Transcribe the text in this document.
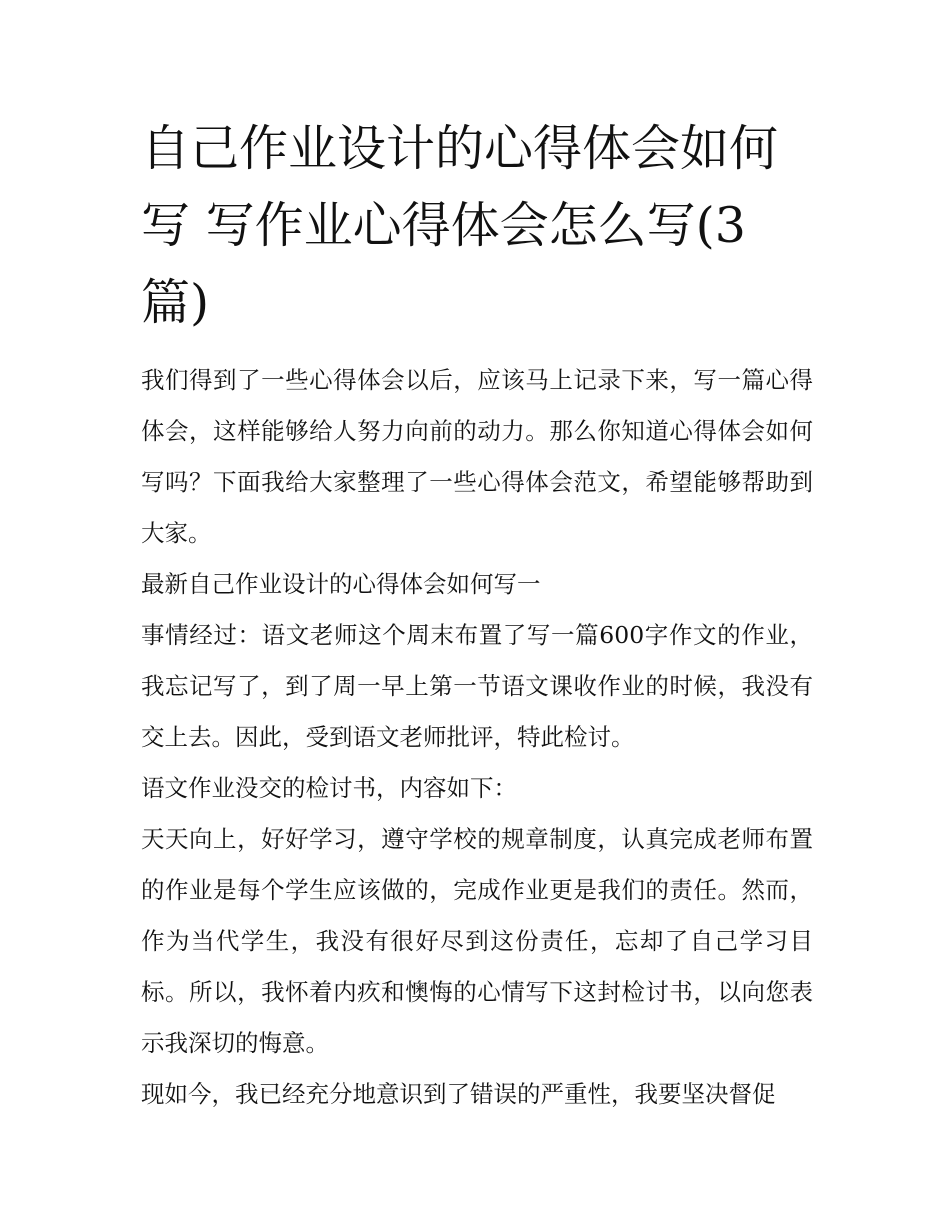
自己作业设计的心得体会如何写 写作业心得体会怎么写(3篇)

我们得到了一些心得体会以后，应该马上记录下来，写一篇心得体会，这样能够给人努力向前的动力。那么你知道心得体会如何写吗？下面我给大家整理了一些心得体会范文，希望能够帮助到大家。

最新自己作业设计的心得体会如何写一

事情经过：语文老师这个周末布置了写一篇600字作文的作业，我忘记写了，到了周一早上第一节语文课收作业的时候，我没有交上去。因此，受到语文老师批评，特此检讨。

语文作业没交的检讨书，内容如下：

天天向上，好好学习，遵守学校的规章制度，认真完成老师布置的作业是每个学生应该做的，完成作业更是我们的责任。然而，作为当代学生，我没有很好尽到这份责任，忘却了自己学习目标。所以，我怀着内疚和懊悔的心情写下这封检讨书，以向您表示我深切的悔意。

现如今，我已经充分地意识到了错误的严重性，我要坚决督促
